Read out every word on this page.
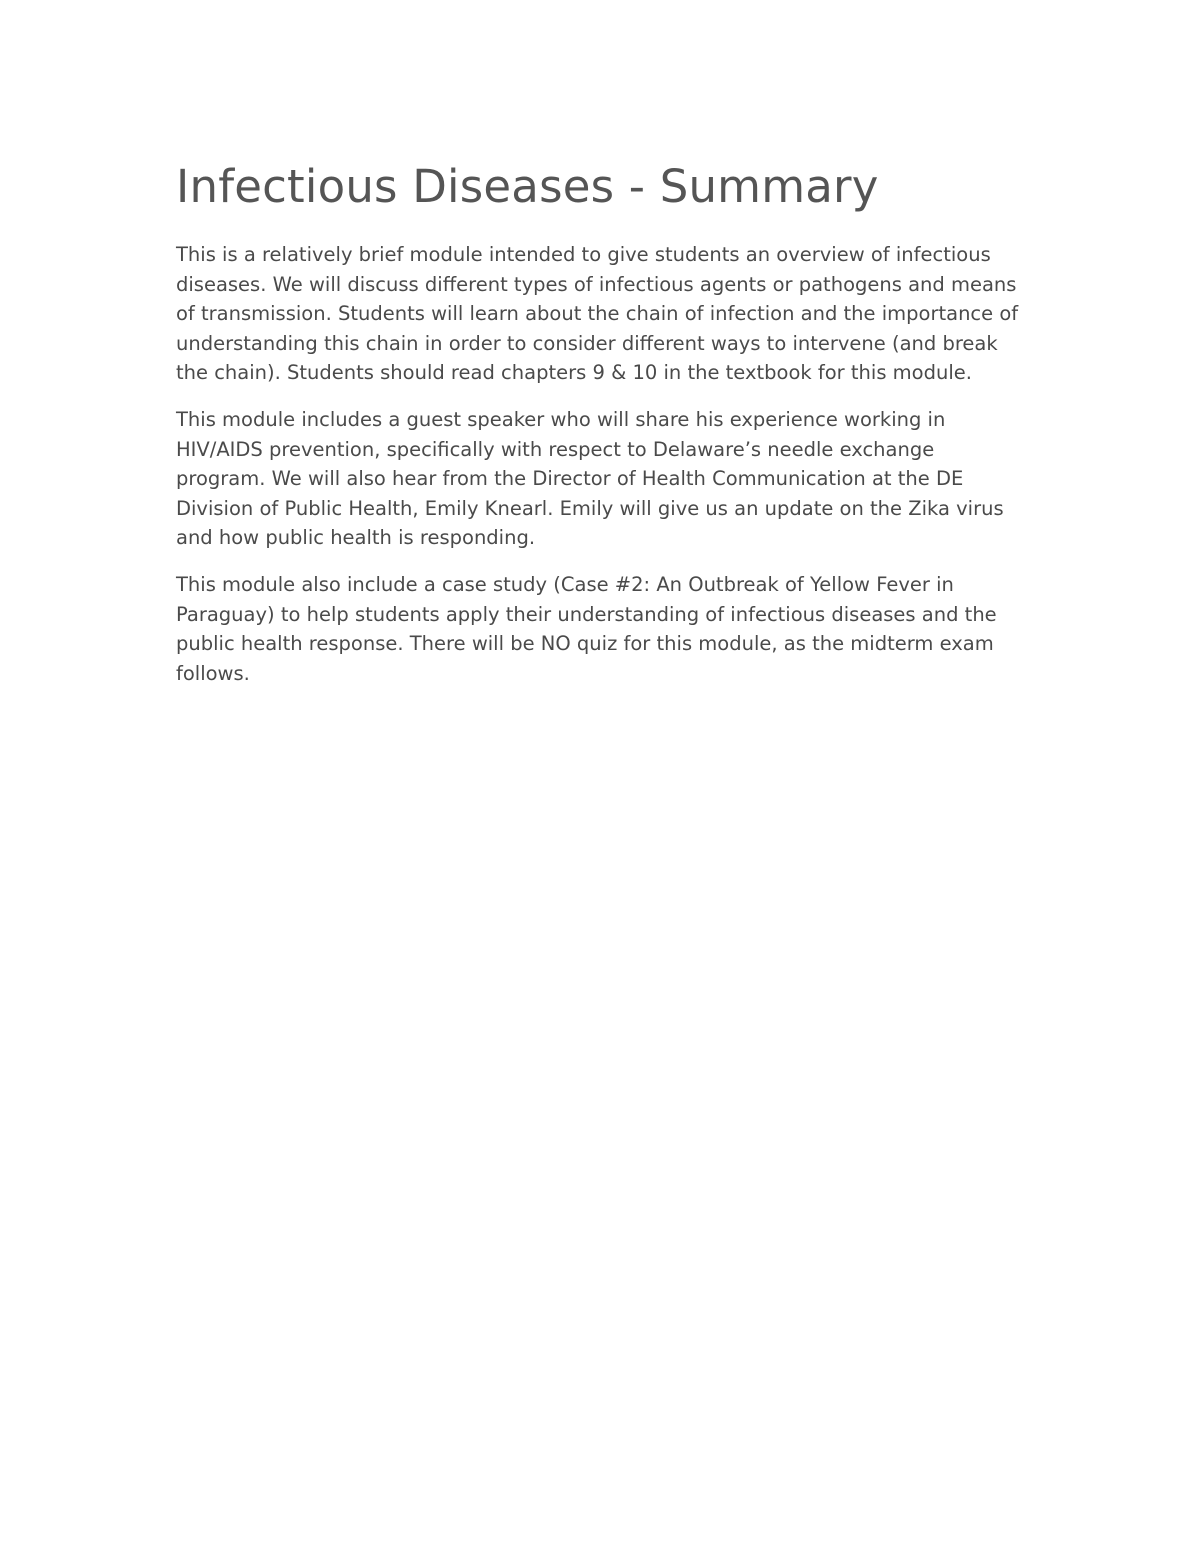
Infectious Diseases - Summary

This is a relatively brief module intended to give students an overview of infectious diseases. We will discuss different types of infectious agents or pathogens and means of transmission. Students will learn about the chain of infection and the importance of understanding this chain in order to consider different ways to intervene (and break the chain). Students should read chapters 9 & 10 in the textbook for this module.

This module includes a guest speaker who will share his experience working in HIV/AIDS prevention, specifically with respect to Delaware’s needle exchange program. We will also hear from the Director of Health Communication at the DE Division of Public Health, Emily Knearl. Emily will give us an update on the Zika virus and how public health is responding.

This module also include a case study (Case #2: An Outbreak of Yellow Fever in Paraguay) to help students apply their understanding of infectious diseases and the public health response. There will be NO quiz for this module, as the midterm exam follows.
